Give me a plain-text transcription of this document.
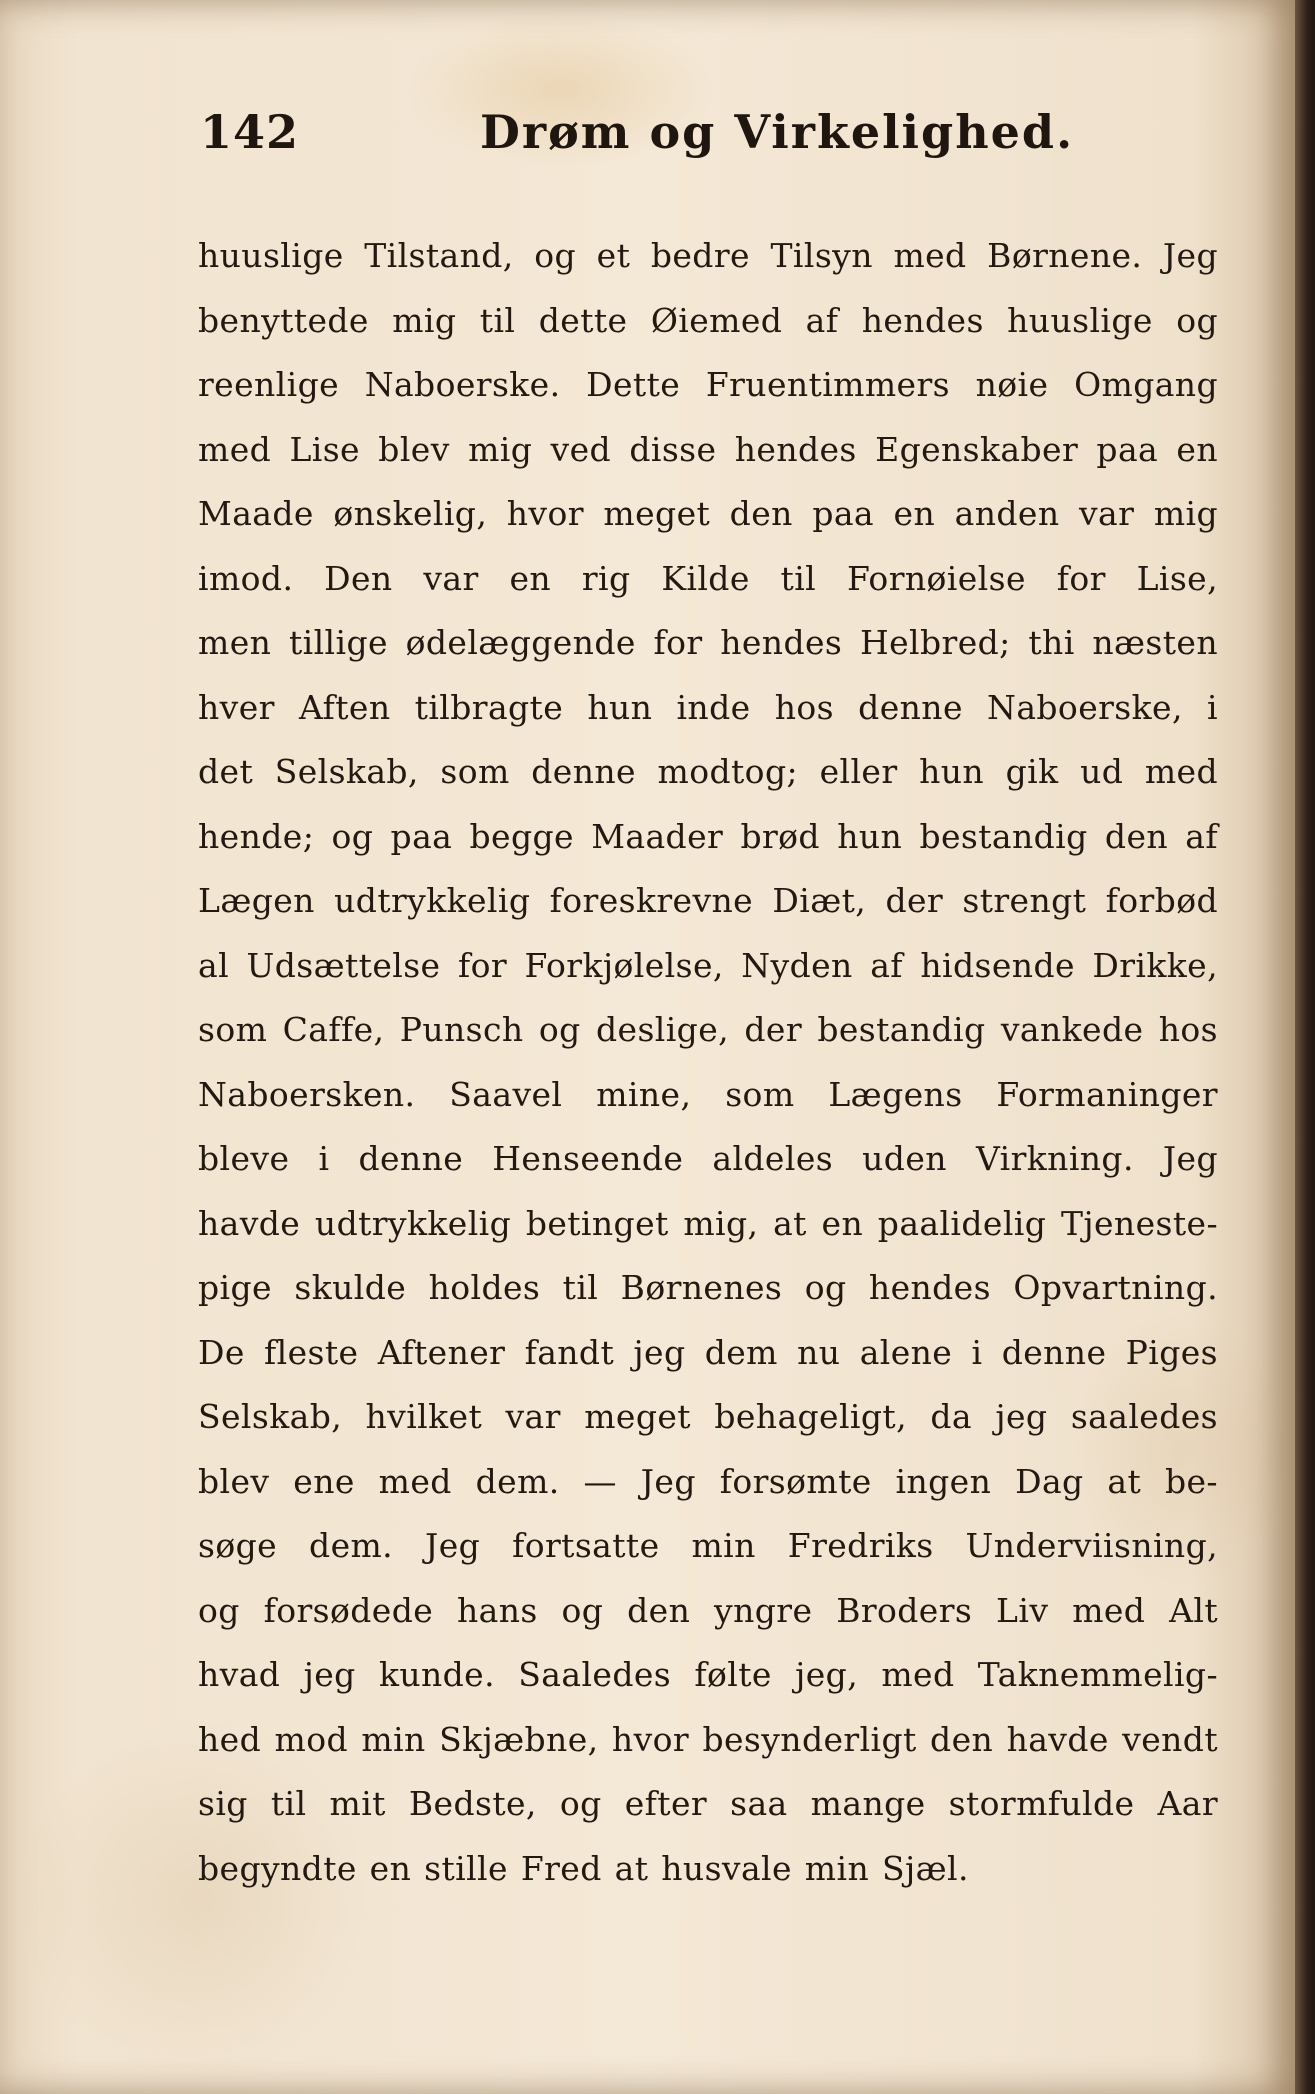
142	Drøm og Virkelighed.
huuslige Tilstand, og et bedre Tilsyn med Børnene. Jeg
benyttede mig til dette Øiemed af hendes huuslige og
reenlige Naboerske. Dette Fruentimmers nøie Omgang
med Lise blev mig ved disse hendes Egenskaber paa en
Maade ønskelig, hvor meget den paa en anden var mig
imod. Den var en rig Kilde til Fornøielse for Lise,
men tillige ødelæggende for hendes Helbred; thi næsten
hver Aften tilbragte hun inde hos denne Naboerske, i
det Selskab, som denne modtog; eller hun gik ud med
hende; og paa begge Maader brød hun bestandig den af
Lægen udtrykkelig foreskrevne Diæt, der strengt forbød
al Udsættelse for Forkjølelse, Nyden af hidsende Drikke,
som Caffe, Punsch og deslige, der bestandig vankede hos
Naboersken. Saavel mine, som Lægens Formaninger
bleve i denne Henseende aldeles uden Virkning. Jeg
havde udtrykkelig betinget mig, at en paalidelig Tjeneste-
pige skulde holdes til Børnenes og hendes Opvartning.
De fleste Aftener fandt jeg dem nu alene i denne Piges
Selskab, hvilket var meget behageligt, da jeg saaledes
blev ene med dem. — Jeg forsømte ingen Dag at be-
søge dem. Jeg fortsatte min Fredriks Underviisning,
og forsødede hans og den yngre Broders Liv med Alt
hvad jeg kunde. Saaledes følte jeg, med Taknemmelig-
hed mod min Skjæbne, hvor besynderligt den havde vendt
sig til mit Bedste, og efter saa mange stormfulde Aar
begyndte en stille Fred at husvale min Sjæl.
